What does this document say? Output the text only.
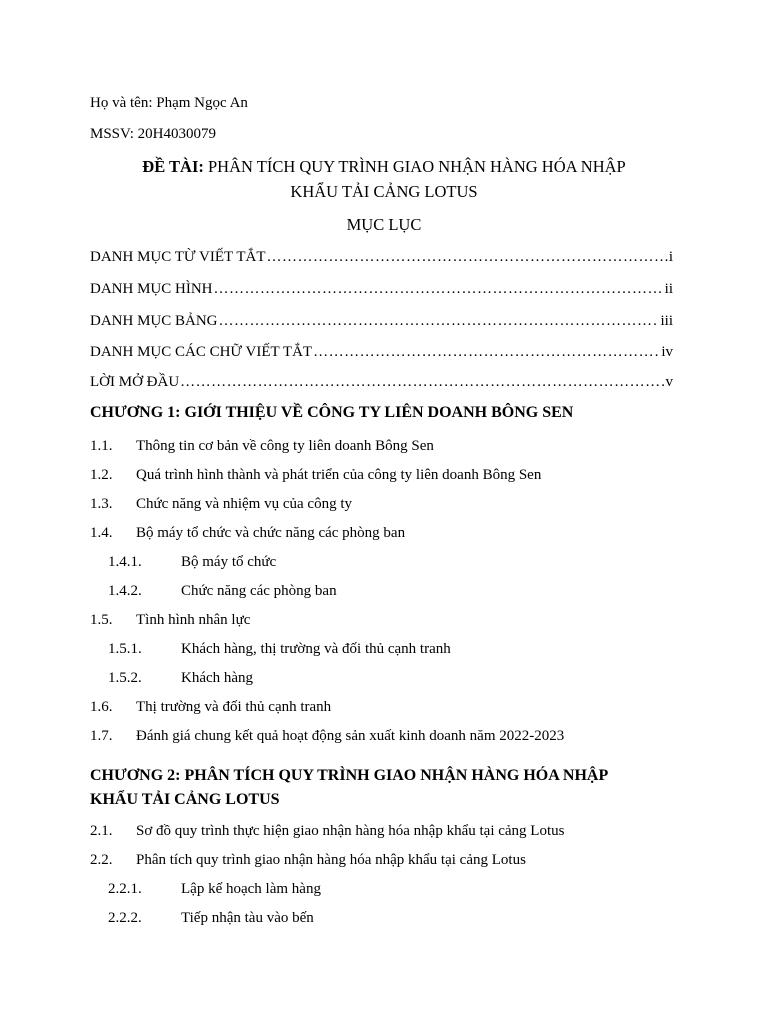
Họ và tên: Phạm Ngọc An
MSSV: 20H4030079
ĐỀ TÀI: PHÂN TÍCH QUY TRÌNH GIAO NHẬN HÀNG HÓA NHẬP
KHẨU TẢI CẢNG LOTUS
MỤC LỤC
DANH MỤC TỪ VIẾT TẮT ………………………………………………………………………………………………………………………………………………	i
DANH MỤC HÌNH ………………………………………………………………………………………………………………………………………………	ii
DANH MỤC BẢNG ………………………………………………………………………………………………………………………………………………	iii
DANH MỤC CÁC CHỮ VIẾT TẮT ………………………………………………………………………………………………………………………………………………	iv
LỜI MỞ ĐẦU ………………………………………………………………………………………………………………………………………………	v
CHƯƠNG 1: GIỚI THIỆU VỀ CÔNG TY LIÊN DOANH BÔNG SEN
1.1. Thông tin cơ bản về công ty liên doanh Bông Sen
1.2. Quá trình hình thành và phát triển của công ty liên doanh Bông Sen
1.3. Chức năng và nhiệm vụ của công ty
1.4. Bộ máy tổ chức và chức năng các phòng ban
1.4.1.	Bộ máy tổ chức
1.4.2.	Chức năng các phòng ban
1.5. Tình hình nhân lực
1.5.1.	Khách hàng, thị trường và đối thủ cạnh tranh
1.5.2.	Khách hàng
1.6. Thị trường và đối thủ cạnh tranh
1.7. Đánh giá chung kết quả hoạt động sản xuất kinh doanh năm 2022-2023
CHƯƠNG 2: PHÂN TÍCH QUY TRÌNH GIAO NHẬN HÀNG HÓA NHẬP
KHẨU TẢI CẢNG LOTUS
2.1. Sơ đồ quy trình thực hiện giao nhận hàng hóa nhập khẩu tại cảng Lotus
2.2. Phân tích quy trình giao nhận hàng hóa nhập khẩu tại cảng Lotus
2.2.1.	Lập kế hoạch làm hàng
2.2.2.	Tiếp nhận tàu vào bến
